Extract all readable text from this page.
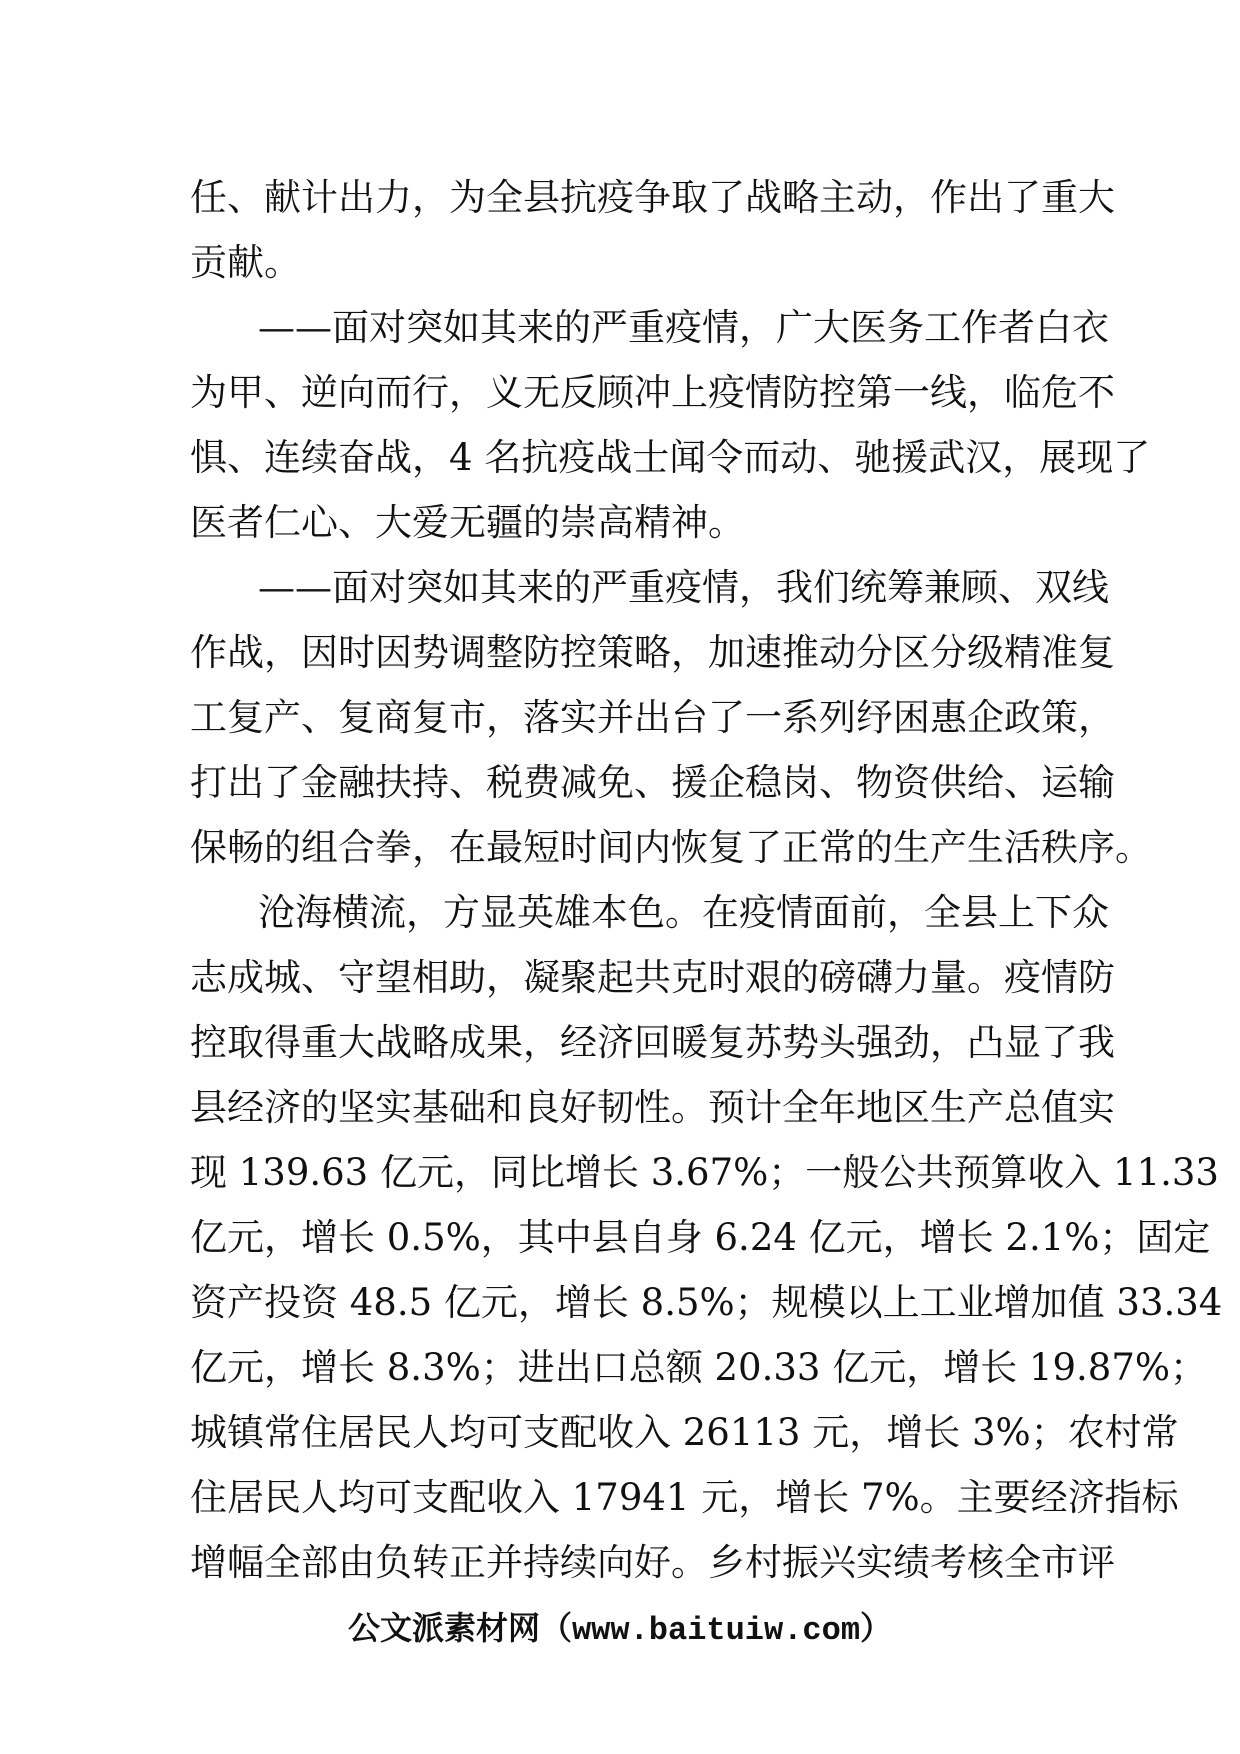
任、献计出力，为全县抗疫争取了战略主动，作出了重大
贡献。
——面对突如其来的严重疫情，广大医务工作者白衣
为甲、逆向而行，义无反顾冲上疫情防控第一线，临危不
惧、连续奋战，4 名抗疫战士闻令而动、驰援武汉，展现了
医者仁心、大爱无疆的崇高精神。
——面对突如其来的严重疫情，我们统筹兼顾、双线
作战，因时因势调整防控策略，加速推动分区分级精准复
工复产、复商复市，落实并出台了一系列纾困惠企政策，
打出了金融扶持、税费减免、援企稳岗、物资供给、运输
保畅的组合拳，在最短时间内恢复了正常的生产生活秩序。
沧海横流，方显英雄本色。在疫情面前，全县上下众
志成城、守望相助，凝聚起共克时艰的磅礴力量。疫情防
控取得重大战略成果，经济回暖复苏势头强劲，凸显了我
县经济的坚实基础和良好韧性。预计全年地区生产总值实
现 139.63 亿元，同比增长 3.67%；一般公共预算收入 11.33
亿元，增长 0.5%，其中县自身 6.24 亿元，增长 2.1%；固定
资产投资 48.5 亿元，增长 8.5%；规模以上工业增加值 33.34
亿元，增长 8.3%；进出口总额 20.33 亿元，增长 19.87%；
城镇常住居民人均可支配收入 26113 元，增长 3%；农村常
住居民人均可支配收入 17941 元，增长 7%。主要经济指标
增幅全部由负转正并持续向好。乡村振兴实绩考核全市评
公文派素材网（www.baituiw.com）
